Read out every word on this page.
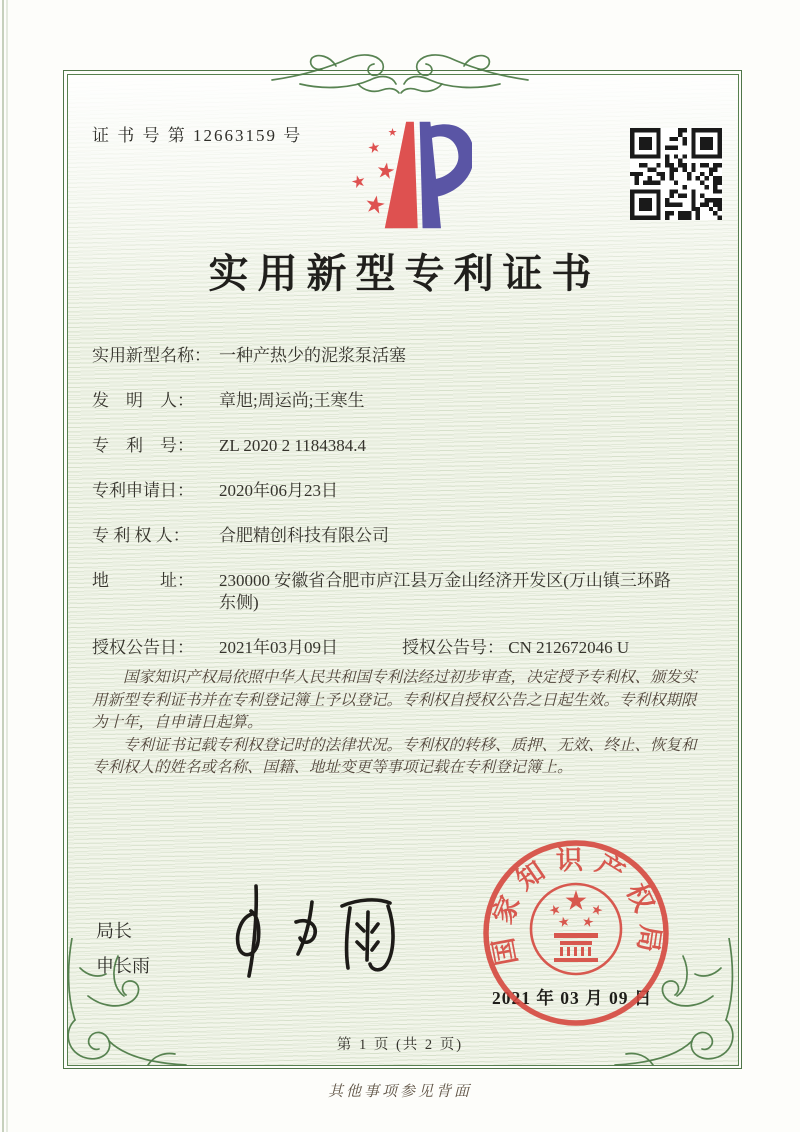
证 书 号 第 12663159 号
实用新型专利证书
实用新型名称： 一种产热少的泥浆泵活塞
发　明　人：	章旭;周运尚;王寒生
专　利　号：	ZL 2020 2 1184384.4
专利申请日：	2020年06月23日
专 利 权 人：	合肥精创科技有限公司
地　　　址：	230000 安徽省合肥市庐江县万金山经济开发区(万山镇三环路东侧)
授权公告日： 2021年03月09日	授权公告号： CN 212672046 U

国家知识产权局依照中华人民共和国专利法经过初步审查，决定授予专利权、颁发实用新型专利证书并在专利登记簿上予以登记。专利权自授权公告之日起生效。专利权期限为十年，自申请日起算。

专利证书记载专利权登记时的法律状况。专利权的转移、质押、无效、终止、恢复和专利权人的姓名或名称、国籍、地址变更等事项记载在专利登记簿上。

局长
申长雨
2021 年 03 月 09 日
国家知识产权局
第 1 页 (共 2 页)
其他事项参见背面
